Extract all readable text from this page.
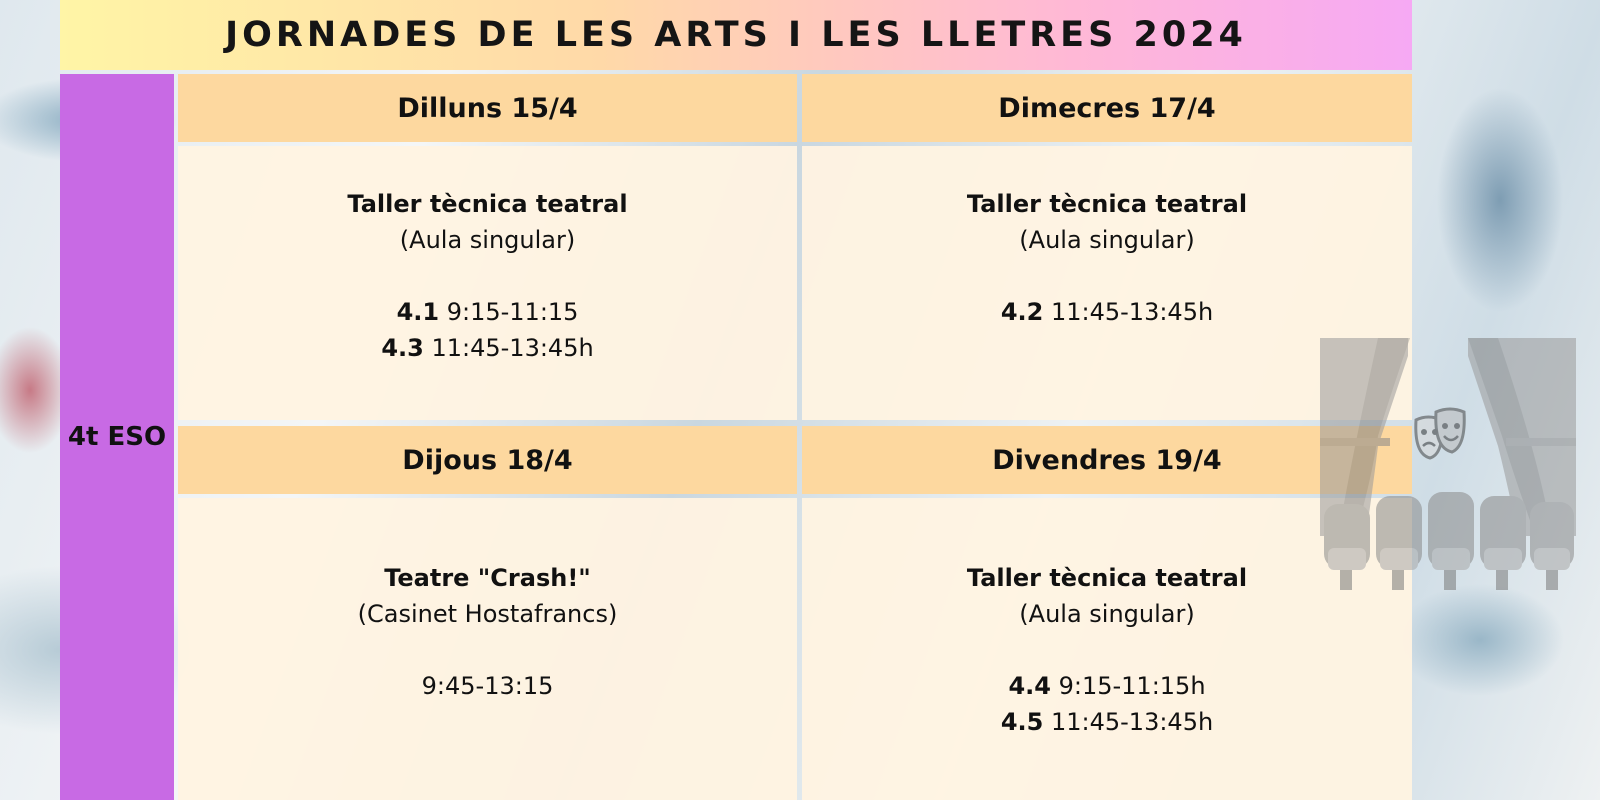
JORNADES DE LES ARTS I LES LLETRES 2024
4t ESO
Dilluns 15/4
Taller tècnica teatral
(Aula singular)
4.1 9:15-11:15
4.3 11:45-13:45h
Dimecres 17/4
Taller tècnica teatral
(Aula singular)
4.2 11:45-13:45h
Dijous 18/4
Teatre "Crash!"
(Casinet Hostafrancs)
9:45-13:15
Divendres 19/4
Taller tècnica teatral
(Aula singular)
4.4 9:15-11:15h
4.5 11:45-13:45h
